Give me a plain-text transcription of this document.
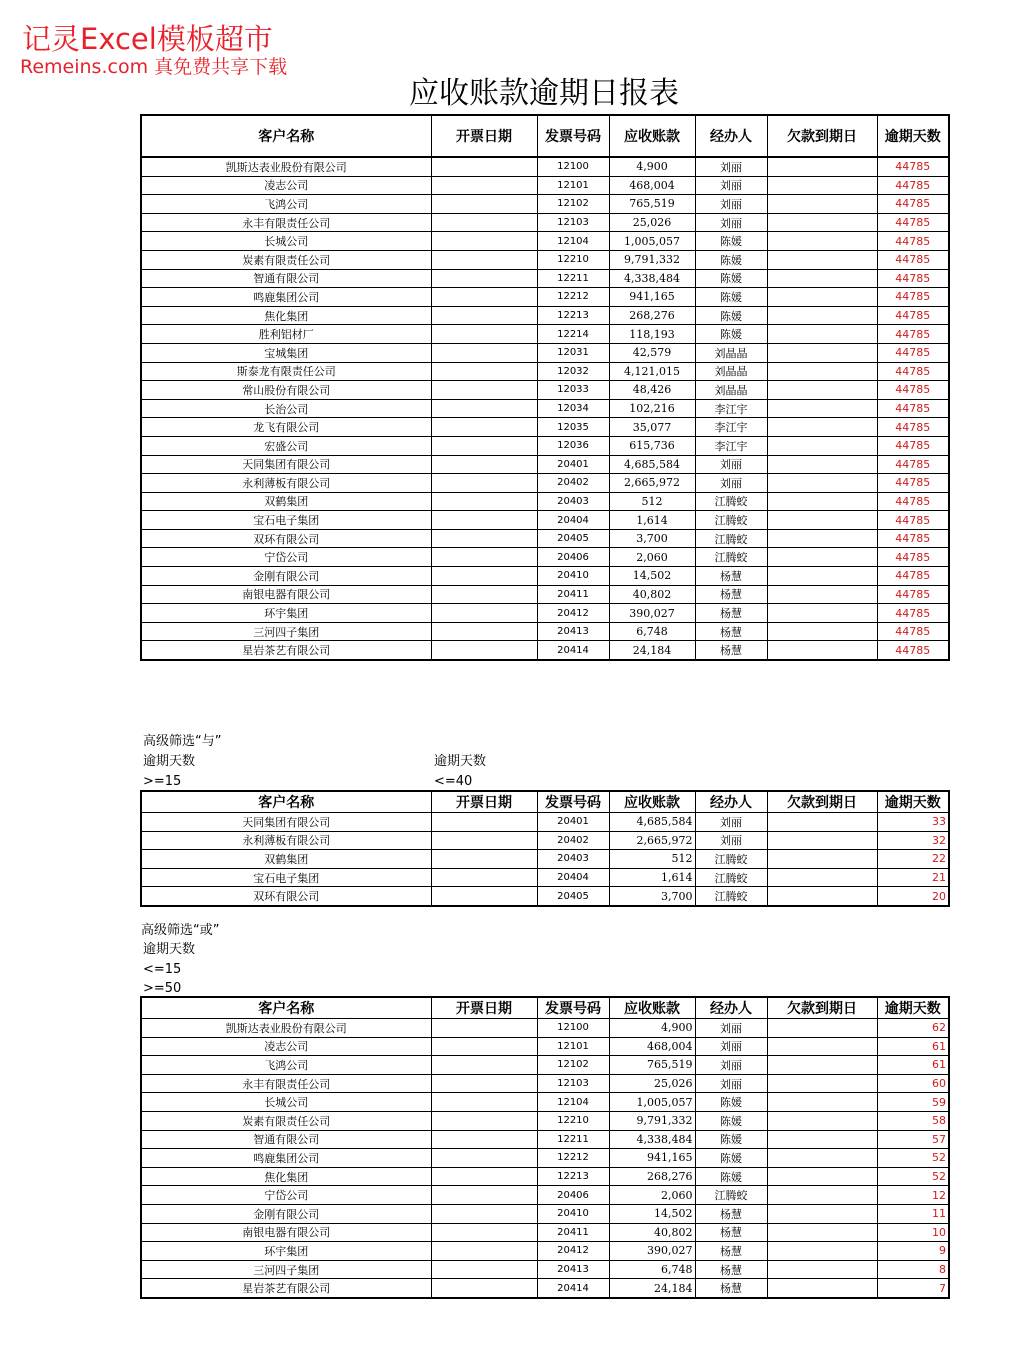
记灵Excel模板超市
Remeins.com 真免费共享下载
应收账款逾期日报表
客户名称	开票日期	发票号码	应收账款	经办人	欠款到期日	逾期天数
凯斯达表业股份有限公司		12100	4,900	刘丽		44785
凌志公司		12101	468,004	刘丽		44785
飞鸿公司		12102	765,519	刘丽		44785
永丰有限责任公司		12103	25,026	刘丽		44785
长城公司		12104	1,005,057	陈媛		44785
炭素有限责任公司		12210	9,791,332	陈媛		44785
智通有限公司		12211	4,338,484	陈媛		44785
鸣鹿集团公司		12212	941,165	陈媛		44785
焦化集团		12213	268,276	陈媛		44785
胜利铝材厂		12214	118,193	陈媛		44785
宝城集团		12031	42,579	刘晶晶		44785
斯泰龙有限责任公司		12032	4,121,015	刘晶晶		44785
常山股份有限公司		12033	48,426	刘晶晶		44785
长治公司		12034	102,216	李江宇		44785
龙飞有限公司		12035	35,077	李江宇		44785
宏盛公司		12036	615,736	李江宇		44785
天同集团有限公司		20401	4,685,584	刘丽		44785
永利薄板有限公司		20402	2,665,972	刘丽		44785
双鹤集团		20403	512	江腾蛟		44785
宝石电子集团		20404	1,614	江腾蛟		44785
双环有限公司		20405	3,700	江腾蛟		44785
宁岱公司		20406	2,060	江腾蛟		44785
金刚有限公司		20410	14,502	杨慧		44785
南银电器有限公司		20411	40,802	杨慧		44785
环宇集团		20412	390,027	杨慧		44785
三河四子集团		20413	6,748	杨慧		44785
星岩茶艺有限公司		20414	24,184	杨慧		44785
高级筛选“与”
逾期天数	逾期天数
>=15	<=40
客户名称	开票日期	发票号码	应收账款	经办人	欠款到期日	逾期天数
天同集团有限公司		20401	4,685,584	刘丽		33
永利薄板有限公司		20402	2,665,972	刘丽		32
双鹤集团		20403	512	江腾蛟		22
宝石电子集团		20404	1,614	江腾蛟		21
双环有限公司		20405	3,700	江腾蛟		20
高级筛选“或”
逾期天数
<=15
>=50
客户名称	开票日期	发票号码	应收账款	经办人	欠款到期日	逾期天数
凯斯达表业股份有限公司		12100	4,900	刘丽		62
凌志公司		12101	468,004	刘丽		61
飞鸿公司		12102	765,519	刘丽		61
永丰有限责任公司		12103	25,026	刘丽		60
长城公司		12104	1,005,057	陈媛		59
炭素有限责任公司		12210	9,791,332	陈媛		58
智通有限公司		12211	4,338,484	陈媛		57
鸣鹿集团公司		12212	941,165	陈媛		52
焦化集团		12213	268,276	陈媛		52
宁岱公司		20406	2,060	江腾蛟		12
金刚有限公司		20410	14,502	杨慧		11
南银电器有限公司		20411	40,802	杨慧		10
环宇集团		20412	390,027	杨慧		9
三河四子集团		20413	6,748	杨慧		8
星岩茶艺有限公司		20414	24,184	杨慧		7
